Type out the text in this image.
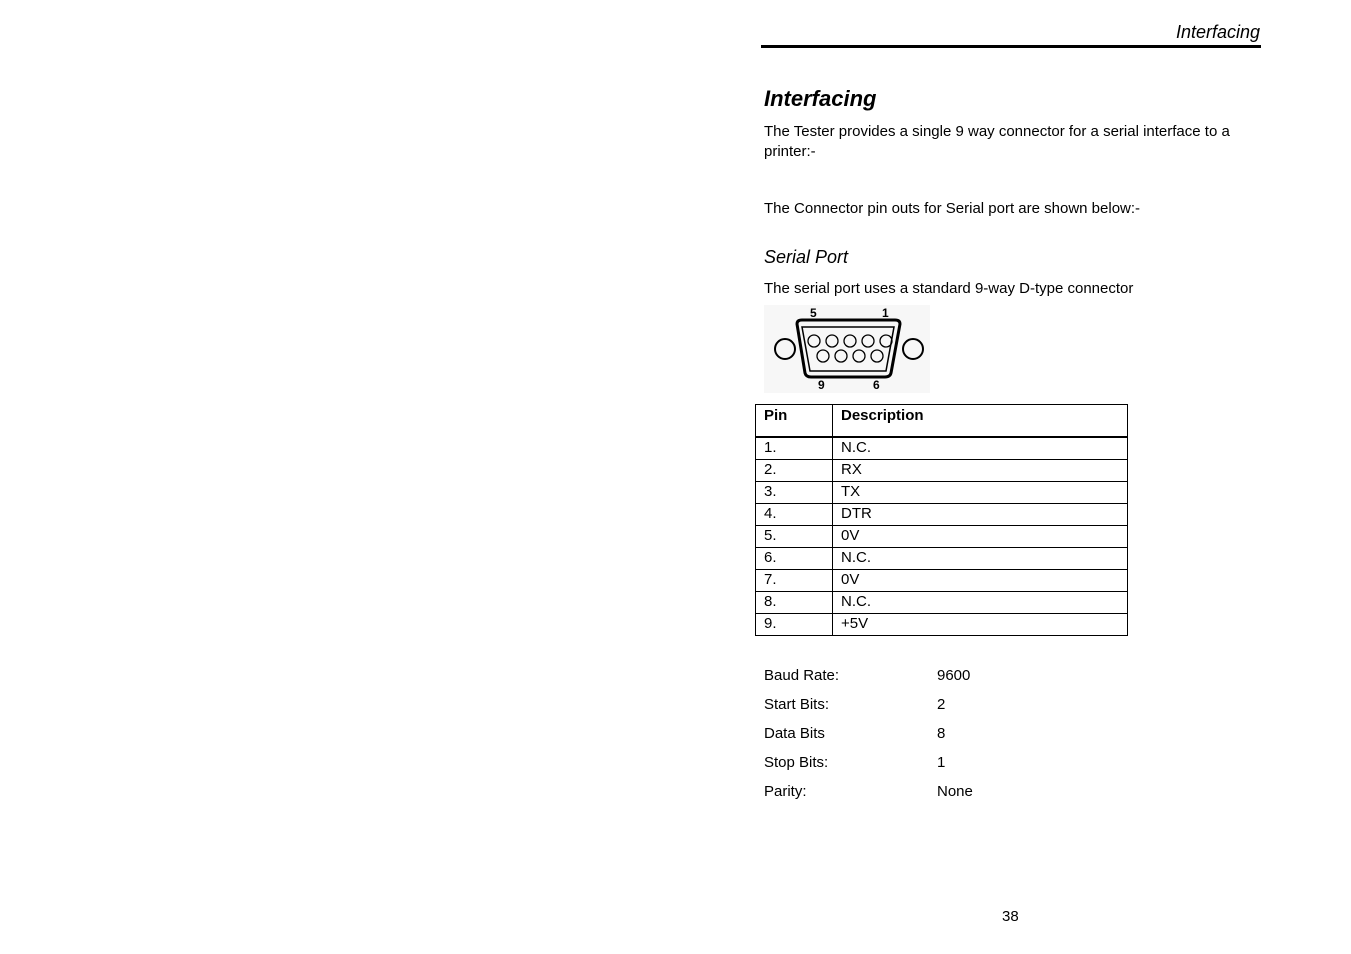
Interfacing
Interfacing
The Tester provides a single 9 way connector for a serial interface to a printer:-
The Connector pin outs for Serial port are shown below:-
Serial Port
The serial port uses a standard 9-way D-type connector
5	1
9	6
Pin	Description
1.	N.C.
2.	RX
3.	TX
4.	DTR
5.	0V
6.	N.C.
7.	0V
8.	N.C.
9.	+5V
Baud Rate:	9600
Start Bits:	2
Data Bits	8
Stop Bits:	1
Parity:	None
38
